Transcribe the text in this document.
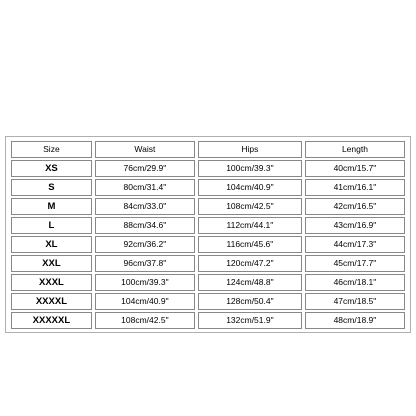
Size	Waist	Hips	Length
XS	76cm/29.9"	100cm/39.3"	40cm/15.7"
S	80cm/31.4"	104cm/40.9"	41cm/16.1"
M	84cm/33.0"	108cm/42.5"	42cm/16.5"
L	88cm/34.6"	112cm/44.1"	43cm/16.9"
XL	92cm/36.2"	116cm/45.6"	44cm/17.3"
XXL	96cm/37.8"	120cm/47.2"	45cm/17.7"
XXXL	100cm/39.3"	124cm/48.8"	46cm/18.1"
XXXXL	104cm/40.9"	128cm/50.4"	47cm/18.5"
XXXXXL	108cm/42.5"	132cm/51.9"	48cm/18.9"
